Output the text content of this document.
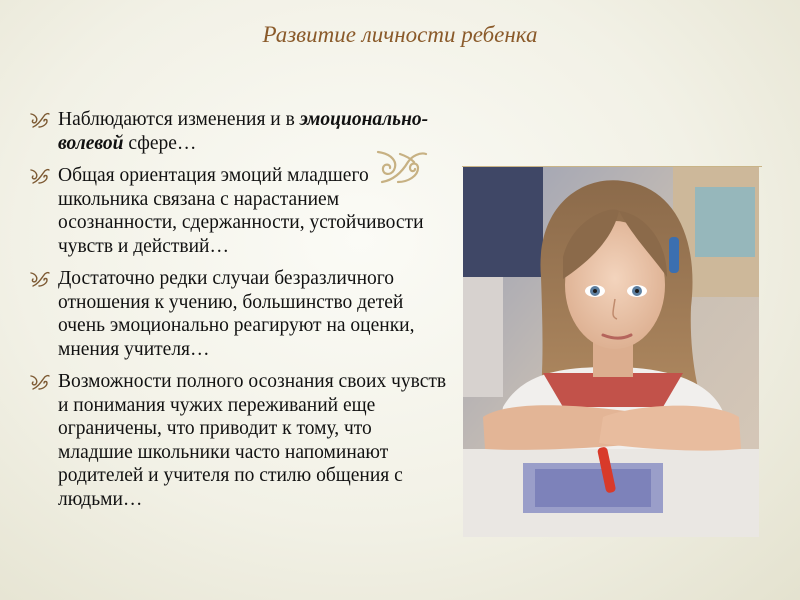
Развитие личности ребенка
Наблюдаются изменения и в эмоционально-волевой сфере…
Общая ориентация эмоций младшего школьника связана с нарастанием осознанности, сдержанности, устойчивости чувств и действий…
Достаточно редки случаи безразличного отношения к учению, большинство детей очень эмоционально реагируют на оценки, мнения учителя…
Возможности полного осознания своих чувств и понимания чужих переживаний еще ограничены, что приводит к тому, что младшие школьники часто напоминают родителей и учителя по стилю общения с людьми…
